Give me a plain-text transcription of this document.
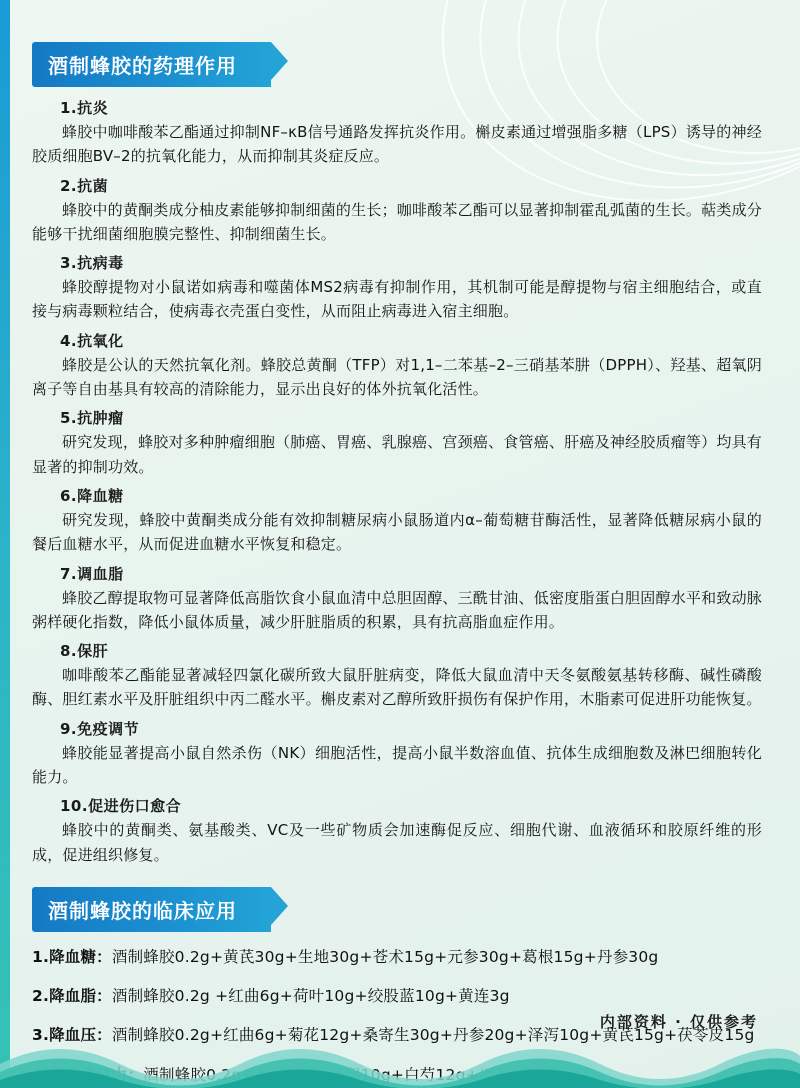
酒制蜂胶的药理作用
1.抗炎

蜂胶中咖啡酸苯乙酯通过抑制NF–κB信号通路发挥抗炎作用。槲皮素通过增强脂多糖（LPS）诱导的神经胶质细胞BV–2的抗氧化能力，从而抑制其炎症反应。

2.抗菌

蜂胶中的黄酮类成分柚皮素能够抑制细菌的生长；咖啡酸苯乙酯可以显著抑制霍乱弧菌的生长。萜类成分能够干扰细菌细胞膜完整性、抑制细菌生长。

3.抗病毒

蜂胶醇提物对小鼠诺如病毒和噬菌体MS2病毒有抑制作用，其机制可能是醇提物与宿主细胞结合，或直接与病毒颗粒结合，使病毒衣壳蛋白变性，从而阻止病毒进入宿主细胞。

4.抗氧化

蜂胶是公认的天然抗氧化剂。蜂胶总黄酮（TFP）对1,1–二苯基–2–三硝基苯肼（DPPH）、羟基、超氧阴离子等自由基具有较高的清除能力，显示出良好的体外抗氧化活性。

5.抗肿瘤

研究发现，蜂胶对多种肿瘤细胞（肺癌、胃癌、乳腺癌、宫颈癌、食管癌、肝癌及神经胶质瘤等）均具有显著的抑制功效。

6.降血糖

研究发现，蜂胶中黄酮类成分能有效抑制糖尿病小鼠肠道内α–葡萄糖苷酶活性，显著降低糖尿病小鼠的餐后血糖水平，从而促进血糖水平恢复和稳定。

7.调血脂

蜂胶乙醇提取物可显著降低高脂饮食小鼠血清中总胆固醇、三酰甘油、低密度脂蛋白胆固醇水平和致动脉粥样硬化指数，降低小鼠体质量，减少肝脏脂质的积累，具有抗高脂血症作用。

8.保肝

咖啡酸苯乙酯能显著减轻四氯化碳所致大鼠肝脏病变，降低大鼠血清中天冬氨酸氨基转移酶、碱性磷酸酶、胆红素水平及肝脏组织中丙二醛水平。槲皮素对乙醇所致肝损伤有保护作用，木脂素可促进肝功能恢复。

9.免疫调节

蜂胶能显著提高小鼠自然杀伤（NK）细胞活性，提高小鼠半数溶血值、抗体生成细胞数及淋巴细胞转化能力。

10.促进伤口愈合

蜂胶中的黄酮类、氨基酸类、VC及一些矿物质会加速酶促反应、细胞代谢、血液循环和胶原纤维的形成，促进组织修复。

酒制蜂胶的临床应用
1.降血糖：酒制蜂胶0.2g+黄芪30g+生地30g+苍术15g+元参30g+葛根15g+丹参30g
2.降血脂：酒制蜂胶0.2g +红曲6g+荷叶10g+绞股蓝10g+黄连3g
3.降血压：酒制蜂胶0.2g+红曲6g+菊花12g+桑寄生30g+丹参20g+泽泻10g+黄芪15g+茯苓皮15g
内部资料 · 仅供参考
